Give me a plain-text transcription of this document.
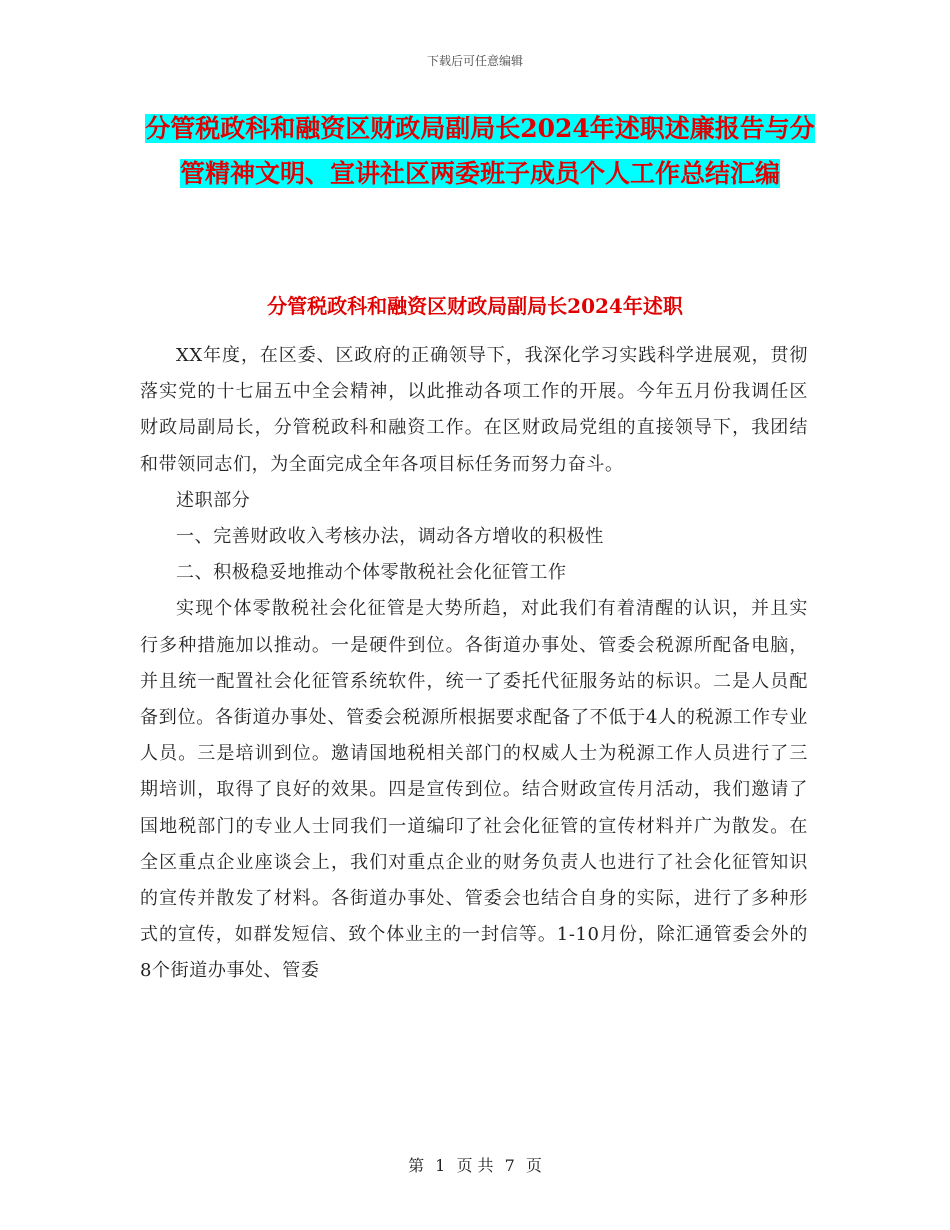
下载后可任意编辑
分管税政科和融资区财政局副局长2024年述职述廉报告与分管精神文明、宣讲社区两委班子成员个人工作总结汇编
分管税政科和融资区财政局副局长2024年述职

XX年度，在区委、区政府的正确领导下，我深化学习实践科学进展观，贯彻落实党的十七届五中全会精神，以此推动各项工作的开展。今年五月份我调任区财政局副局长，分管税政科和融资工作。在区财政局党组的直接领导下，我团结和带领同志们，为全面完成全年各项目标任务而努力奋斗。

述职部分

一、完善财政收入考核办法，调动各方增收的积极性

二、积极稳妥地推动个体零散税社会化征管工作

实现个体零散税社会化征管是大势所趋，对此我们有着清醒的认识，并且实行多种措施加以推动。一是硬件到位。各街道办事处、管委会税源所配备电脑，并且统一配置社会化征管系统软件，统一了委托代征服务站的标识。二是人员配备到位。各街道办事处、管委会税源所根据要求配备了不低于4人的税源工作专业人员。三是培训到位。邀请国地税相关部门的权威人士为税源工作人员进行了三期培训，取得了良好的效果。四是宣传到位。结合财政宣传月活动，我们邀请了国地税部门的专业人士同我们一道编印了社会化征管的宣传材料并广为散发。在全区重点企业座谈会上，我们对重点企业的财务负责人也进行了社会化征管知识的宣传并散发了材料。各街道办事处、管委会也结合自身的实际，进行了多种形式的宣传，如群发短信、致个体业主的一封信等。1-10月份，除汇通管委会外的8个街道办事处、管委

第 1 页 共 7 页
